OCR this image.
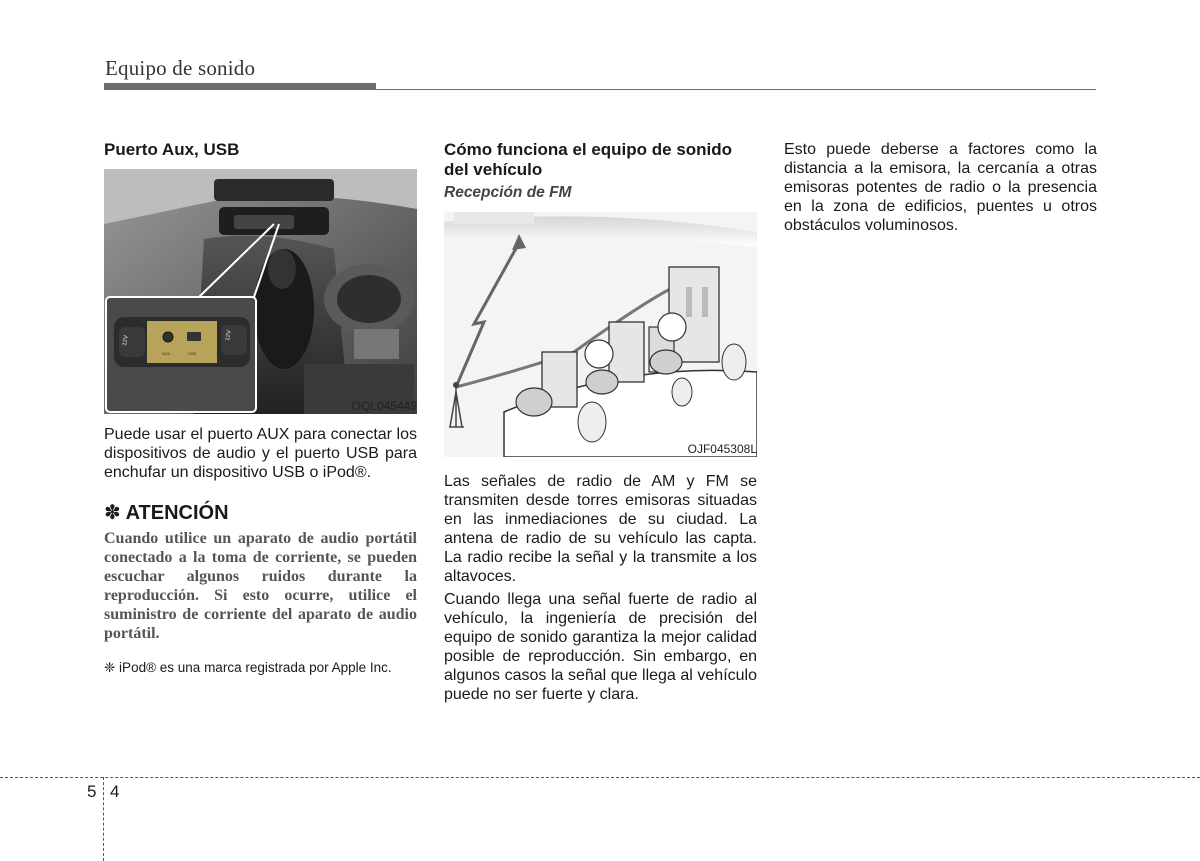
Equipo de sonido
Puerto Aux, USB
12V
AUX	USB
12V
OQL045449

Puede usar el puerto AUX para conectar los dispositivos de audio y el puerto USB para enchufar un dispositivo USB o iPod®.

✽ ATENCIÓN
Cuando utilice un aparato de audio portátil conectado a la toma de corriente, se pueden escuchar algunos ruidos durante la reproducción. Si esto ocurre, utilice el suministro de corriente del aparato de audio portátil.
❈ iPod® es una marca registrada por Apple Inc.
Cómo funciona el equipo de sonido del vehículo
Recepción de FM
OJF045308L

Las señales de radio de AM y FM se transmiten desde torres emisoras situadas en las inmediaciones de su ciudad. La antena de radio de su vehículo las capta. La radio recibe la señal y la transmite a los altavoces.

Cuando llega una señal fuerte de radio al vehículo, la ingeniería de precisión del equipo de sonido garantiza la mejor calidad posible de reproducción. Sin embargo, en algunos casos la señal que llega al vehículo puede no ser fuerte y clara.

Esto puede deberse a factores como la distancia a la emisora, la cercanía a otras emisoras potentes de radio o la presencia en la zona de edificios, puentes u otros obstáculos voluminosos.

5 4
